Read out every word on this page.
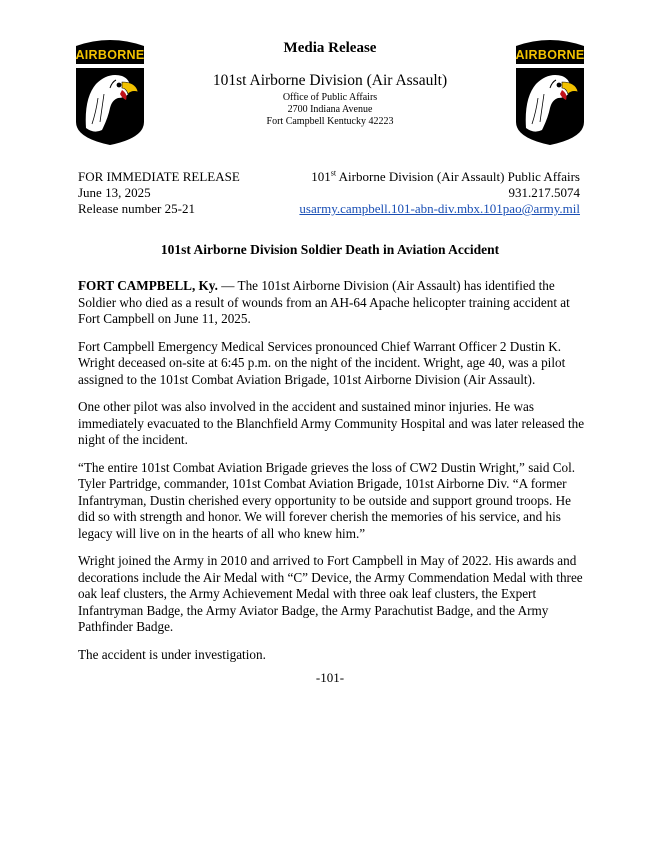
AIRBORNE	AIRBORNE
Media Release
101st Airborne Division (Air Assault)
Office of Public Affairs
2700 Indiana Avenue
Fort Campbell Kentucky 42223
FOR IMMEDIATE RELEASE
June 13, 2025
Release number 25-21
101st Airborne Division (Air Assault) Public Affairs
931.217.5074
usarmy.campbell.101-abn-div.mbx.101pao@army.mil
101st Airborne Division Soldier Death in Aviation Accident

FORT CAMPBELL, Ky. — The 101st Airborne Division (Air Assault) has identified the Soldier who died as a result of wounds from an AH-64 Apache helicopter training accident at Fort Campbell on June 11, 2025.

Fort Campbell Emergency Medical Services pronounced Chief Warrant Officer 2 Dustin K. Wright deceased on-site at 6:45 p.m. on the night of the incident. Wright, age 40, was a pilot assigned to the 101st Combat Aviation Brigade, 101st Airborne Division (Air Assault).

One other pilot was also involved in the accident and sustained minor injuries. He was immediately evacuated to the Blanchfield Army Community Hospital and was later released the night of the incident.

“The entire 101st Combat Aviation Brigade grieves the loss of CW2 Dustin Wright,” said Col. Tyler Partridge, commander, 101st Combat Aviation Brigade, 101st Airborne Div. “A former Infantryman, Dustin cherished every opportunity to be outside and support ground troops. He did so with strength and honor. We will forever cherish the memories of his service, and his legacy will live on in the hearts of all who knew him.”

Wright joined the Army in 2010 and arrived to Fort Campbell in May of 2022. His awards and decorations include the Air Medal with “C” Device, the Army Commendation Medal with three oak leaf clusters, the Army Achievement Medal with three oak leaf clusters, the Expert Infantryman Badge, the Army Aviator Badge, the Army Parachutist Badge, and the Army Pathfinder Badge.

The accident is under investigation.

-101-
